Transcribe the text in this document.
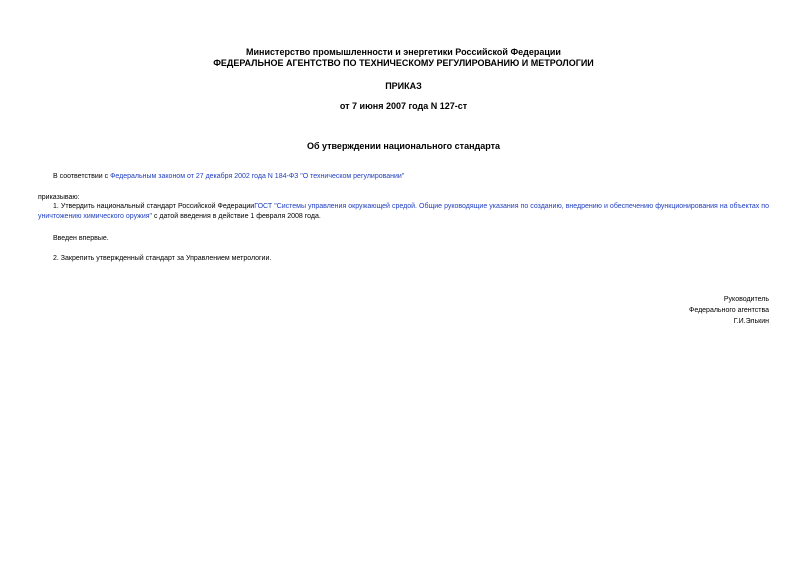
Министерство промышленности и энергетики Российской Федерации
ФЕДЕРАЛЬНОЕ АГЕНТСТВО ПО ТЕХНИЧЕСКОМУ РЕГУЛИРОВАНИЮ И МЕТРОЛОГИИ
ПРИКАЗ
от 7 июня 2007 года N 127-ст
Об утверждении национального стандарта
В соответствии с Федеральным законом от 27 декабря 2002 года N 184-ФЗ "О техническом регулировании"
приказываю:
1. Утвердить национальный стандарт Российской ФедерацииГОСТ "Системы управления окружающей средой. Общие руководящие указания по созданию, внедрению и обеспечению функционирования на объектах по уничтожению химического оружия" с датой введения в действие 1 февраля 2008 года.
Введен впервые.
2. Закрепить утвержденный стандарт за Управлением метрологии.
Руководитель
Федерального агентства
Г.И.Элькин
